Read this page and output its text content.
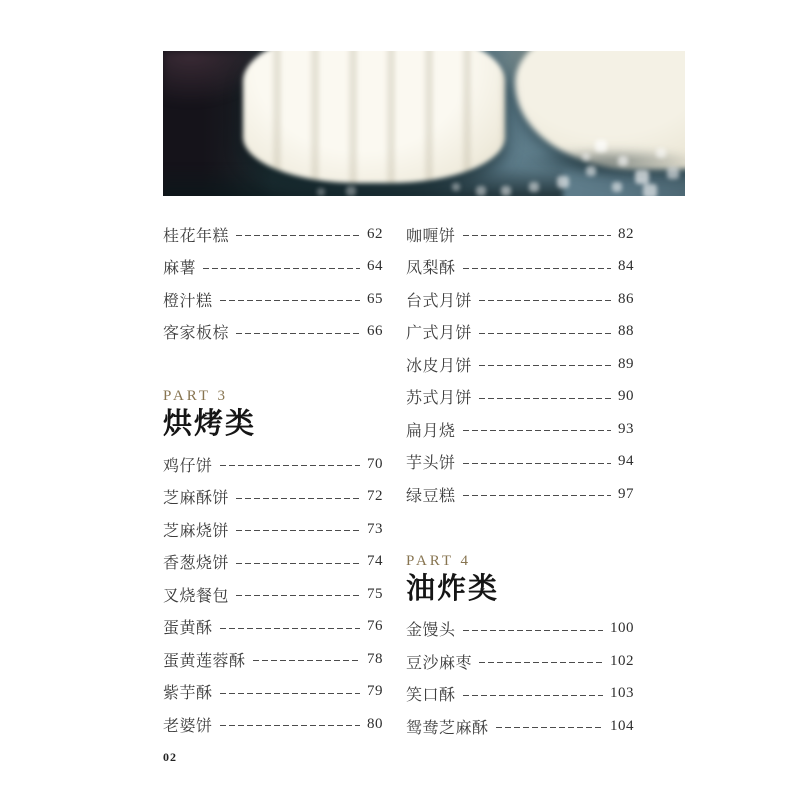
桂花年糕	62
麻薯	64
橙汁糕	65
客家板棕	66
PART 3
烘烤类
鸡仔饼	70
芝麻酥饼	72
芝麻烧饼	73
香葱烧饼	74
叉烧餐包	75
蛋黄酥	76
蛋黄莲蓉酥	78
紫芋酥	79
老婆饼	80
咖喱饼	82
凤梨酥	84
台式月饼	86
广式月饼	88
冰皮月饼	89
苏式月饼	90
扁月烧	93
芋头饼	94
绿豆糕	97
PART 4
油炸类
金馒头	100
豆沙麻枣	102
笑口酥	103
鸳鸯芝麻酥	104
02
